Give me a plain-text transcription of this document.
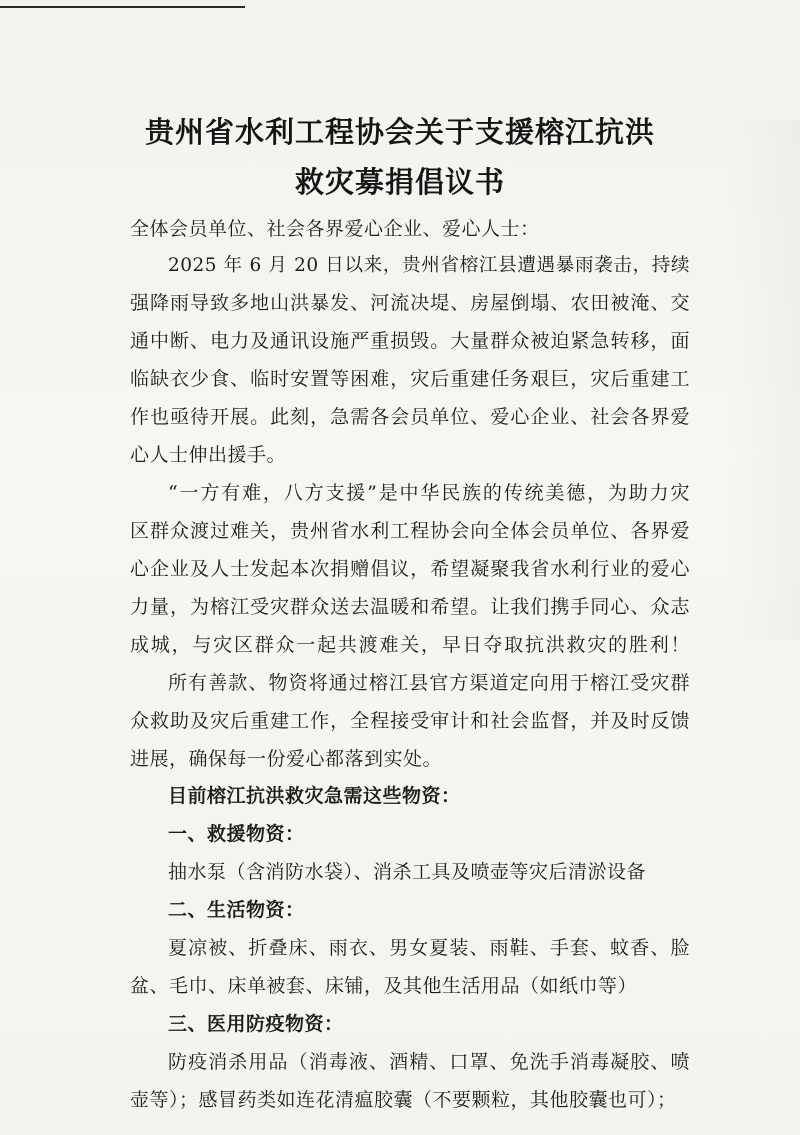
贵州省水利工程协会关于支援榕江抗洪
救灾募捐倡议书
全体会员单位、社会各界爱心企业、爱心人士：
2025 年 6 月 20 日以来，贵州省榕江县遭遇暴雨袭击，持续
强降雨导致多地山洪暴发、河流决堤、房屋倒塌、农田被淹、交
通中断、电力及通讯设施严重损毁。大量群众被迫紧急转移，面
临缺衣少食、临时安置等困难，灾后重建任务艰巨，灾后重建工
作也亟待开展。此刻，急需各会员单位、爱心企业、社会各界爱
心人士伸出援手。
“一方有难，八方支援”是中华民族的传统美德，为助力灾
区群众渡过难关，贵州省水利工程协会向全体会员单位、各界爱
心企业及人士发起本次捐赠倡议，希望凝聚我省水利行业的爱心
力量，为榕江受灾群众送去温暖和希望。让我们携手同心、众志
成城，与灾区群众一起共渡难关，早日夺取抗洪救灾的胜利！
所有善款、物资将通过榕江县官方渠道定向用于榕江受灾群
众救助及灾后重建工作，全程接受审计和社会监督，并及时反馈
进展，确保每一份爱心都落到实处。
目前榕江抗洪救灾急需这些物资：
一、救援物资：
抽水泵（含消防水袋）、消杀工具及喷壶等灾后清淤设备
二、生活物资：
夏凉被、折叠床、雨衣、男女夏装、雨鞋、手套、蚊香、脸
盆、毛巾、床单被套、床铺，及其他生活用品（如纸巾等）
三、医用防疫物资：
防疫消杀用品（消毒液、酒精、口罩、免洗手消毒凝胶、喷
壶等）；感冒药类如连花清瘟胶囊（不要颗粒，其他胶囊也可）；
